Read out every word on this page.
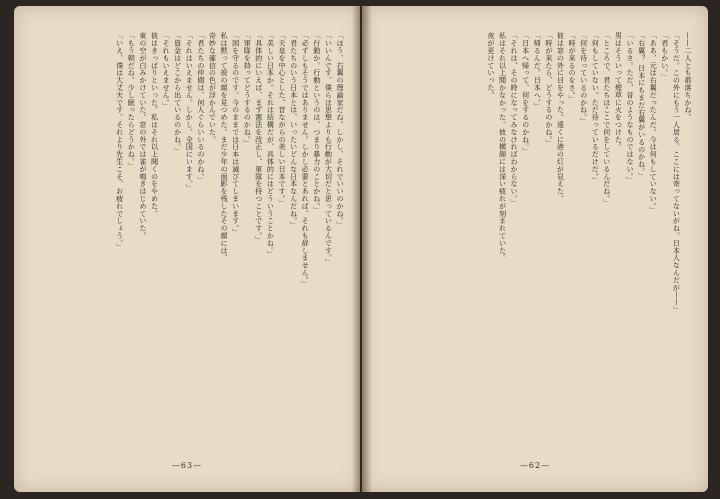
「ほう、右翼の理論家だね。しかし、それでいいのかね。」

「いいんです。僕らは思想よりも行動が大切だと思っているんです。」

「行動か。行動というのは、つまり暴力のことかね。」

「必ずしもそうではありません。しかし必要とあれば、それも辞しません。」

「君たちのいう日本とは、いったいどんな日本なんだね。」

「天皇を中心とした、昔ながらの美しい日本です。」

「美しい日本か。それは結構だが、具体的にはどういうことかね。」

「具体的にいえば、まず憲法を改正し、軍隊を持つことです。」

「軍隊を持ってどうするのかね。」

「国を守るのです。今のままでは日本は滅びてしまいます。」

私は黙って彼の顔を見つめた。まだ少年の面影を残したその顔には、

奇妙な確信の色が浮かんでいた。

「君たちの仲間は、何人ぐらいいるのかね。」

「それはいえません。しかし、全国にいます。」

「資金はどこから出ているのかね。」

「それもいえません。」

彼はきっぱりといった。私はそれ以上聞くのをやめた。

東の空が白みかけていた。窓の外では雀が鳴きはじめていた。

「もう朝だね。少し眠ったらどうかね。」

「いえ、僕は大丈夫です。それより先生こそ、お疲れでしょう。」

—63—

——二人とも都落ちかね。

「そうだ。この外にもう一人居る。ここには寄ってないがね。日本人なんだが——」

「君もかい。」

「ああ、元は右翼だったんだ。今は何もしていない。」

「右翼？ 日本にもまだ右翼がいるのかね。」

「いるさ。ただ、昔のようなものではない。」

男はそういって煙草に火をつけた。

「ところで、君たちはここで何をしているんだね。」

「何もしていない。ただ待っているだけだ。」

「何を待っているのかね。」

「時が来るのをさ。」

彼は窓の外に目をやった。遠くに港の灯が見えた。

「時が来たら、どうするのかね。」

「帰るんだ。日本へ。」

「日本へ帰って、何をするのかね。」

「それは、その時になってみなければわからない。」

私はそれ以上聞かなかった。彼の横顔には深い疲れが刻まれていた。

夜が更けていった。

—62—
